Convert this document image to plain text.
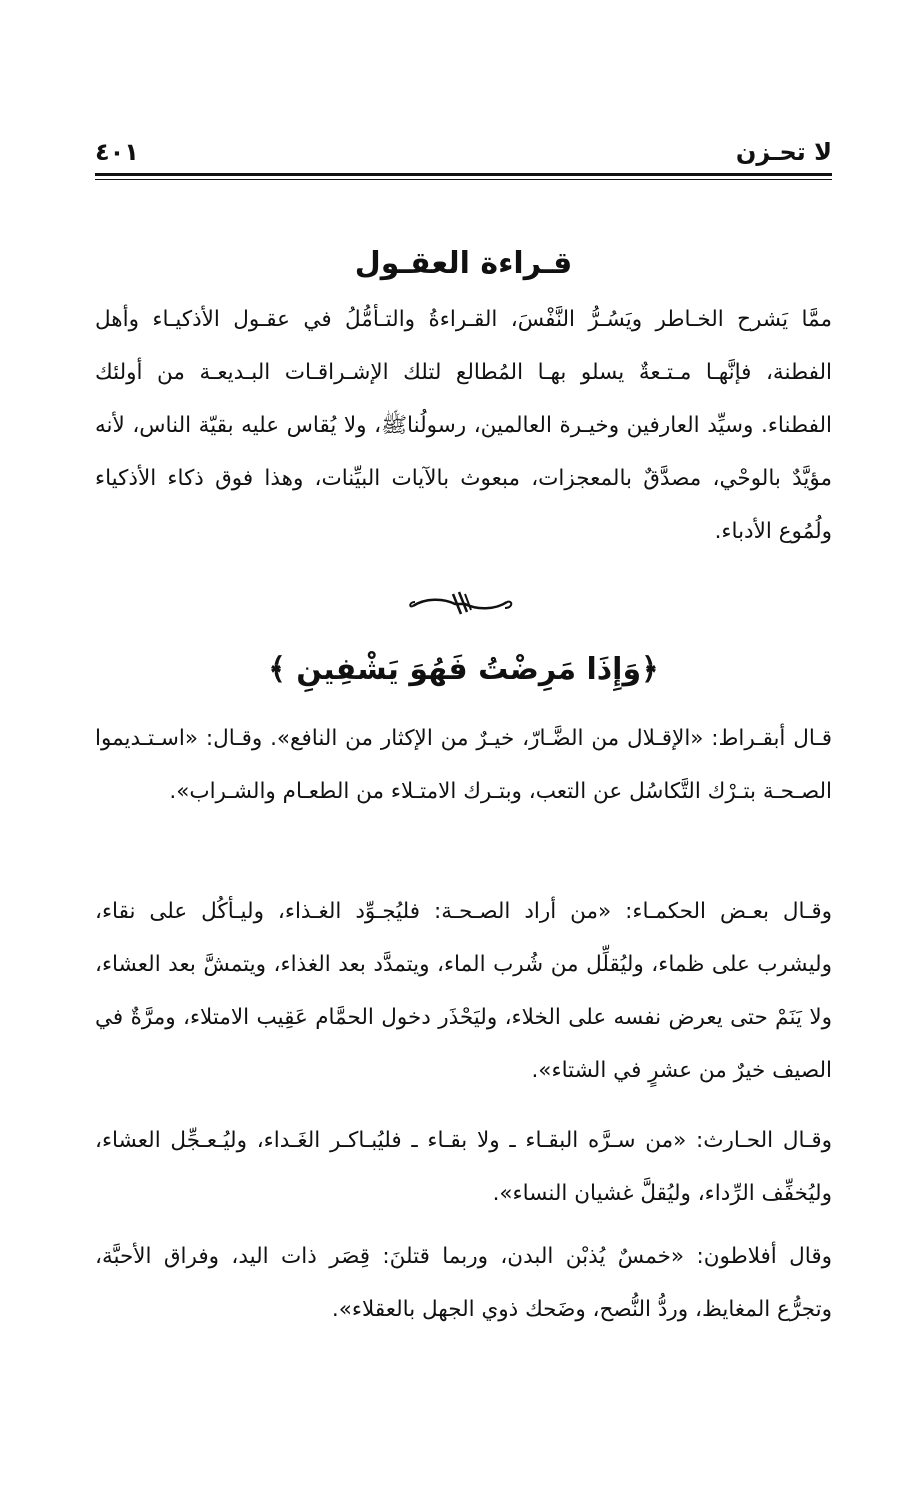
لا تحـزن
٤٠١
قـراءة العقـول

ممَّا يَشرح الخـاطر ويَسُـرُّ النَّفْسَ، القـراءةُ والتـأمُّلُ في عقـول الأذكيـاء وأهل الفطنة، فإنَّهـا مـتـعةٌ يسلو بهـا المُطالع لتلك الإشـراقـات البـديعـة من أولئك الفطناء. وسيِّد العارفين وخيـرة العالمين، رسولُناﷺ، ولا يُقاس عليه بقيّة الناس، لأنه مؤيَّدٌ بالوحْي، مصدَّقٌ بالمعجزات، مبعوث بالآيات البيِّنات، وهذا فوق ذكاء الأذكياء ولُمُوع الأدباء.

﴿وَإِذَا مَرِضْتُ فَهُوَ يَشْفِينِ ﴾

قـال أبقـراط: «الإقـلال من الضَّـارّ، خيـرٌ من الإكثار من النافع». وقـال: «اسـتـديموا الصـحـة بتـرْك التَّكاسُل عن التعب، وبتـرك الامتـلاء من الطعـام والشـراب».

وقـال بعـض الحكمـاء: «من أراد الصـحـة: فليُجـوِّد الغـذاء، وليـأكُل على نقاء، وليشرب على ظماء، وليُقلِّل من شُرب الماء، ويتمدَّد بعد الغذاء، ويتمشَّ بعد العشاء، ولا يَنَمْ حتى يعرض نفسه على الخلاء، وليَحْذَر دخول الحمَّام عَقِيب الامتلاء، ومرَّةٌ في الصيف خيرٌ من عشرٍ في الشتاء».

وقـال الحـارث: «من سـرَّه البقـاء ـ ولا بقـاء ـ فليُبـاكـر الغَـداء، وليُـعـجِّل العشاء، وليُخفِّف الرِّداء، وليُقلَّ غشيان النساء».

وقال أفلاطون: «خمسٌ يُذبْن البدن، وربما قتلنَ: قِصَر ذات اليد، وفراق الأحبَّة، وتجرُّع المغايظ، وردُّ النُّصح، وضَحك ذوي الجهل بالعقلاء».
